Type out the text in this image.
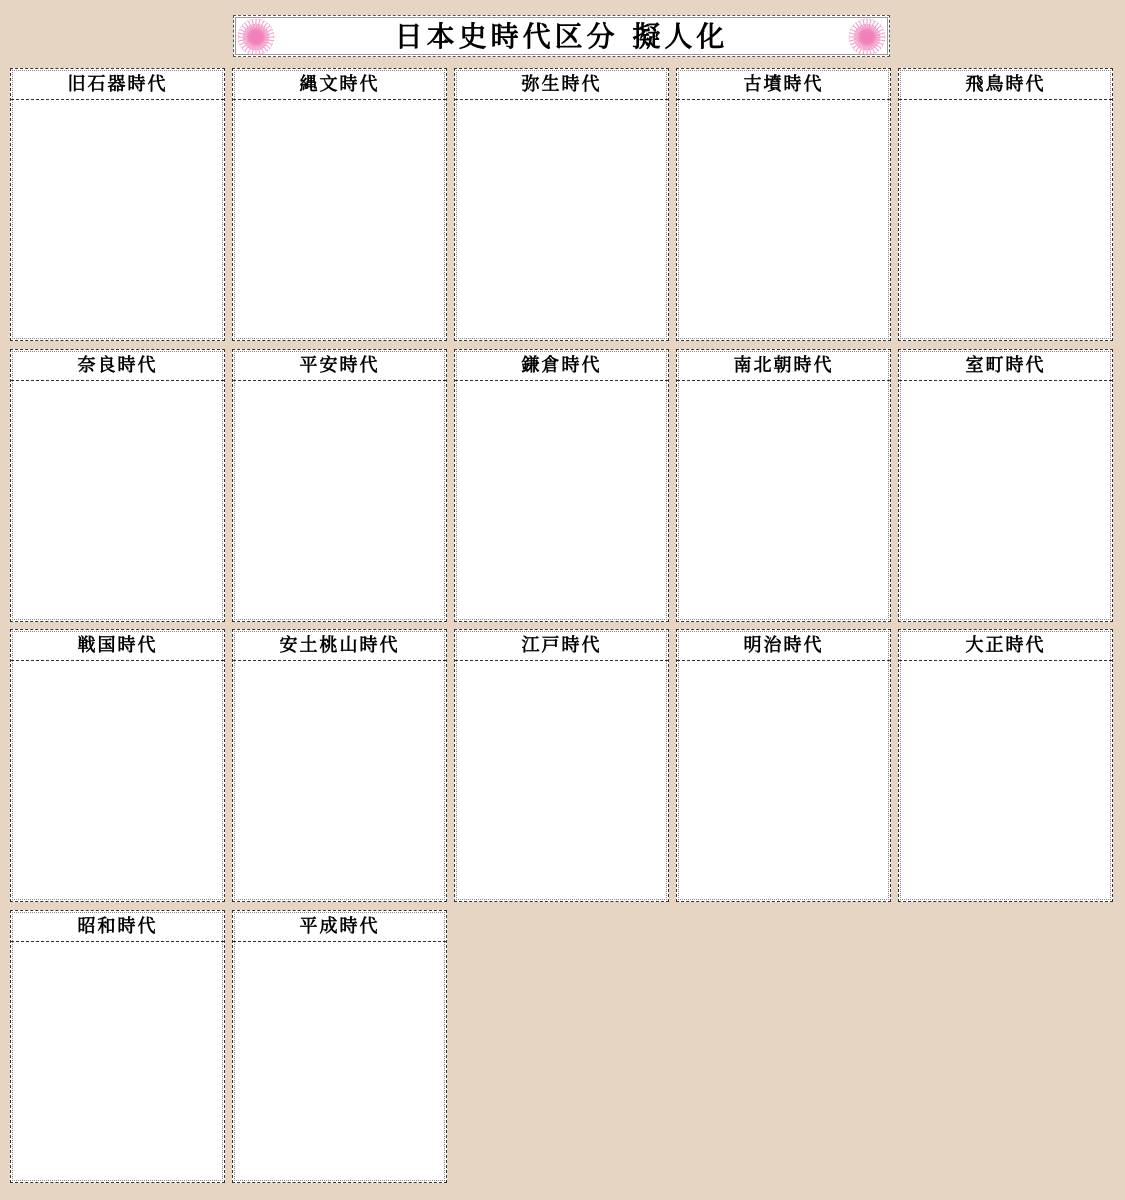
日本史時代区分 擬人化
旧石器時代	縄文時代	弥生時代	古墳時代	飛鳥時代
奈良時代	平安時代	鎌倉時代	南北朝時代	室町時代
戦国時代	安土桃山時代	江戸時代	明治時代	大正時代
昭和時代	平成時代
